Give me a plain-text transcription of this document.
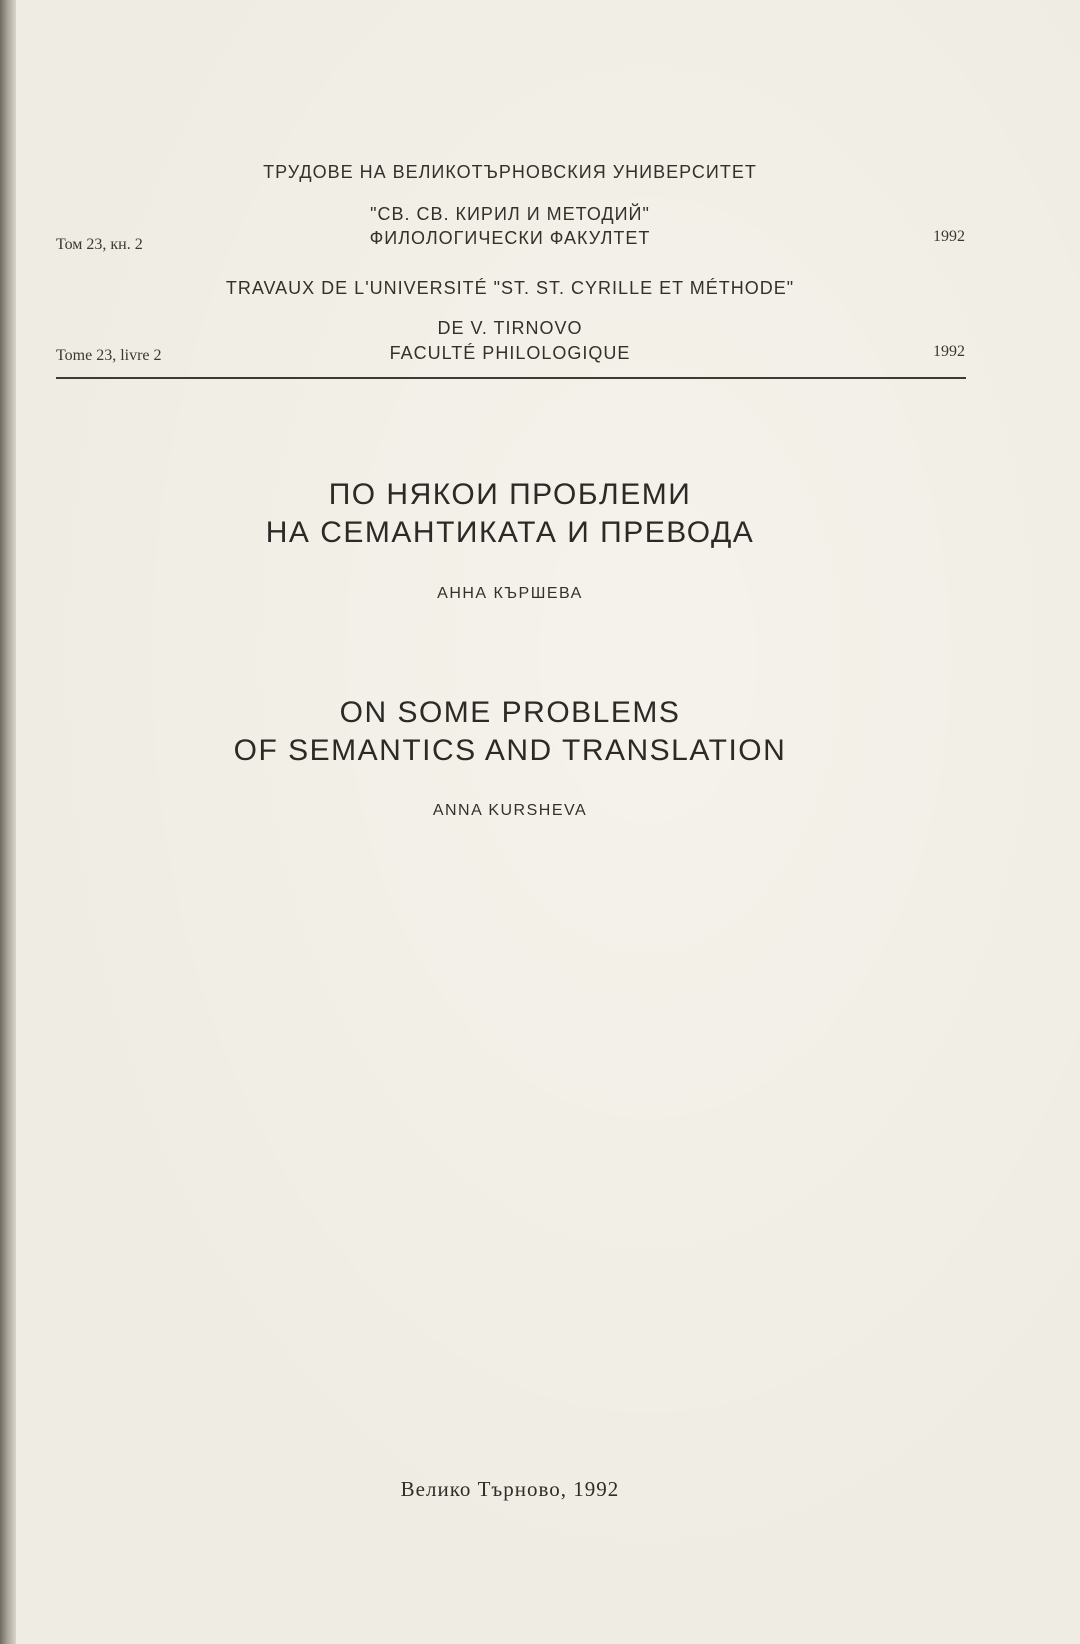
ТРУДОВЕ НА ВЕЛИКОТЪРНОВСКИЯ УНИВЕРСИТЕТ
"СВ. СВ. КИРИЛ И МЕТОДИЙ"
ФИЛОЛОГИЧЕСКИ ФАКУЛТЕТ
Том 23, кн. 2	1992
TRAVAUX DE L'UNIVERSITÉ "ST. ST. CYRILLE ET MÉTHODE"
DE V. TIRNOVO
FACULTÉ PHILOLOGIQUE
Tome 23, livre 2	1992
ПО НЯКОИ ПРОБЛЕМИ
НА СЕМАНТИКАТА И ПРЕВОДА
АННА КЪРШЕВА
ON SOME PROBLEMS
OF SEMANTICS AND TRANSLATION
ANNA KURSHEVA
Велико Търново, 1992
